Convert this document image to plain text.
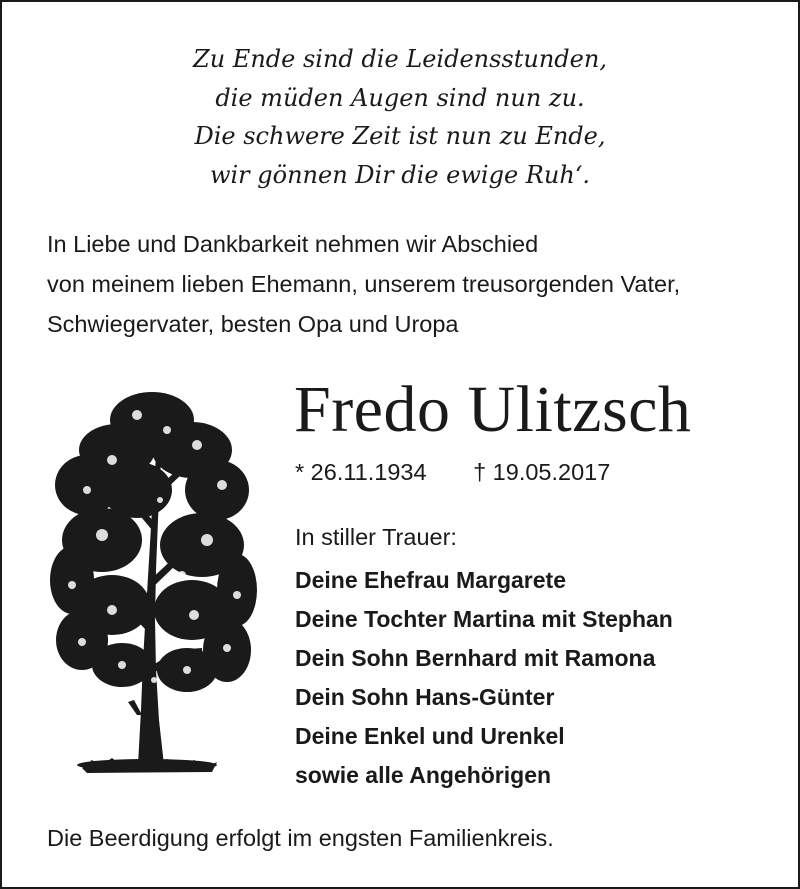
Zu Ende sind die Leidensstunden,
die müden Augen sind nun zu.
Die schwere Zeit ist nun zu Ende,
wir gönnen Dir die ewige Ruh‘.
In Liebe und Dankbarkeit nehmen wir Abschied
von meinem lieben Ehemann, unserem treusorgenden Vater,
Schwiegervater, besten Opa und Uropa
Fredo Ulitzsch
* 26.11.1934 † 19.05.2017
In stiller Trauer:
Deine Ehefrau Margarete
Deine Tochter Martina mit Stephan
Dein Sohn Bernhard mit Ramona
Dein Sohn Hans-Günter
Deine Enkel und Urenkel
sowie alle Angehörigen
Die Beerdigung erfolgt im engsten Familienkreis.
